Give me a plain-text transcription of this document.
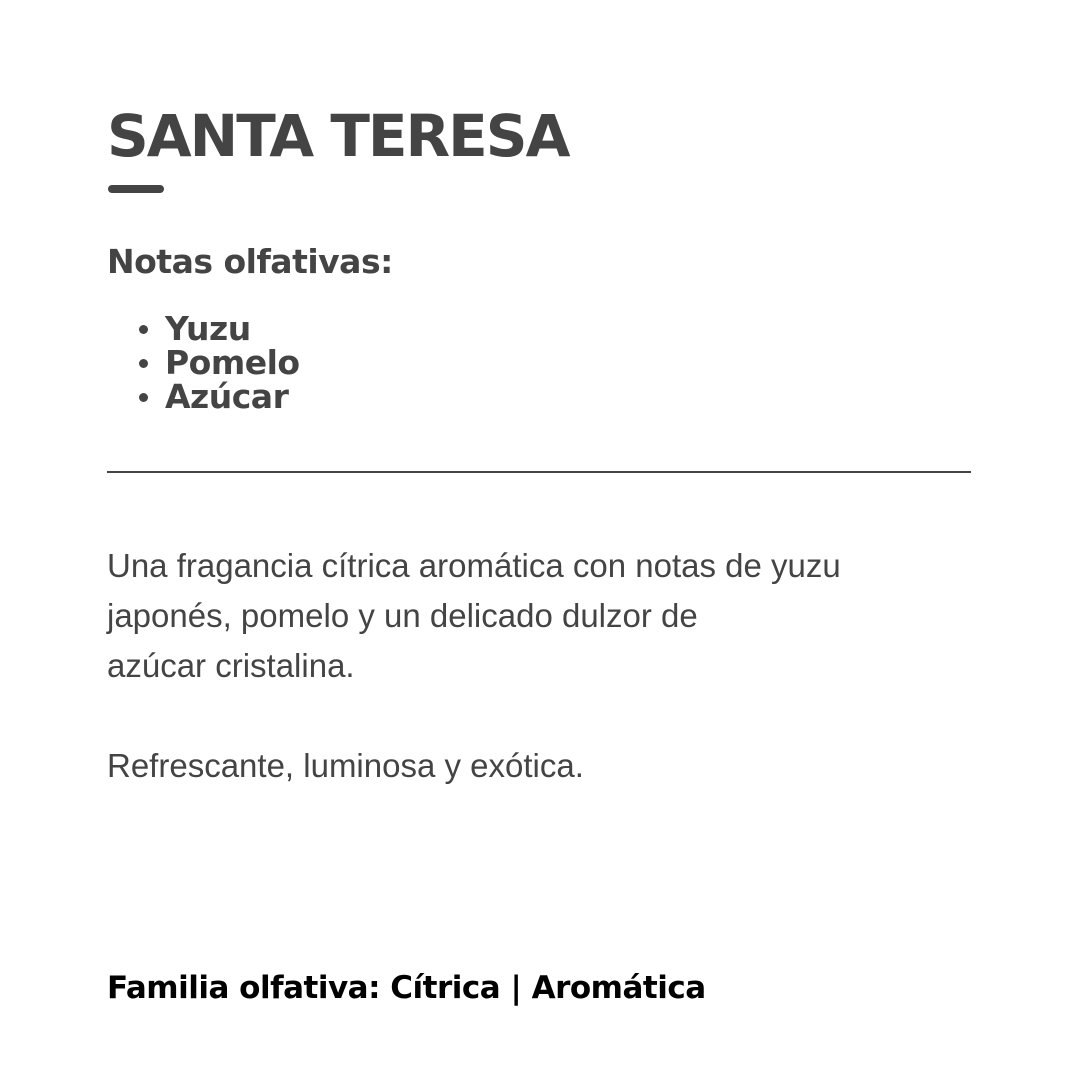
SANTA TERESA
Notas olfativas:
Yuzu
Pomelo
Azúcar

Una fragancia cítrica aromática con notas de yuzu
japonés, pomelo y un delicado dulzor de
azúcar cristalina.

Refrescante, luminosa y exótica.

Familia olfativa: Cítrica | Aromática
